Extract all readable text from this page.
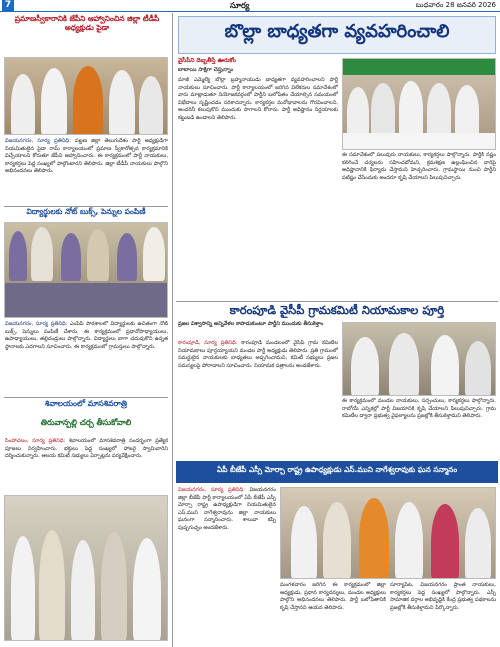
7	సూర్య	బుధవారం 28 జనవరి 2026
ప్రమాణస్వీకారానికి జేపీని ఆహ్వానించిన జిల్లా టీడీపీ అధ్యక్షుడు పైడా
విజయనగరం, సూర్య ప్రతినిధి: పట్టణ జిల్లా తెలుగుదేశం పార్టీ అధ్యక్షుడిగా నియమితులైన పైడా రామ్ కార్యాలయంలో ప్రమాణ స్వీకారోత్సవ కార్యక్రమానికి విచ్చేయాలని కోరుతూ జేపీని ఆహ్వానించారు. ఈ కార్యక్రమంలో పార్టీ నాయకులు, కార్యకర్తలు పెద్ద సంఖ్యలో పాల్గొంటారని తెలిపారు. జిల్లా టీడీపీ నాయకులు పాల్గొని అభినందనలు తెలిపారు.
విద్యార్థులకు నోట్ బుక్స్, పెన్నుల పంపిణీ
విజయనగరం, సూర్య ప్రతినిధి: ఎంపీపీ పాఠశాలలో విద్యార్థులకు ఉచితంగా నోట్ బుక్స్, పెన్నులు పంపిణీ చేశారు. ఈ కార్యక్రమంలో ప్రధానోపాధ్యాయులు, ఉపాధ్యాయులు, తల్లిదండ్రులు పాల్గొన్నారు. విద్యార్థులు బాగా చదువుకొని ఉన్నత స్థానాలకు ఎదగాలని సూచించారు. ఈ కార్యక్రమంలో గ్రామస్తులు పాల్గొన్నారు.
శివాలయంలో మాసశివరాత్రి
తిరువాన్పల్లి చర్చ తీసుకోవాలి
సింహాచలం, సూర్య ప్రతినిధి: శివాలయంలో మాసశివరాత్రి సందర్భంగా ప్రత్యేక పూజలు నిర్వహించారు. భక్తులు పెద్ద సంఖ్యలో హాజరై స్వామివారిని దర్శించుకున్నారు. ఆలయ కమిటీ సభ్యులు ఏర్పాట్లను పర్యవేక్షించారు.
బొల్లా బాధ్యతగా వ్యవహరించాలి
వైసీపీని దెబ్బతీస్తే ఊరుకోం
బాబాయి సాక్షిగా చెప్తున్నాం
మాజీ ఎమ్మెల్యే బొల్లా బ్రహ్మనాయుడు బాధ్యతగా వ్యవహరించాలని పార్టీ నాయకులు సూచించారు. పార్టీ కార్యాలయంలో జరిగిన విలేకరుల సమావేశంలో వారు మాట్లాడుతూ నియోజకవర్గంలో పార్టీని బలోపేతం చేయాల్సిన సమయంలో విభేదాలు సృష్టించడం సరికాదన్నారు. కార్యకర్తల మనోభావాలను గౌరవించాలని, అందరినీ కలుపుకొని ముందుకు సాగాలని కోరారు. పార్టీ అధిష్టానం నిర్ణయాలకు కట్టుబడి ఉండాలని తెలిపారు.
ఈ సమావేశంలో పలువురు నాయకులు, కార్యకర్తలు పాల్గొన్నారు. పార్టీకి నష్టం కలిగించే చర్యలను సహించబోమని, క్రమశిక్షణ ఉల్లంఘించిన వారిపై అధిష్టానానికి ఫిర్యాదు చేస్తామని హెచ్చరించారు. గ్రామస్థాయి నుంచి పార్టీని పటిష్టం చేసేందుకు అందరూ కృషి చేయాలని పిలుపునిచ్చారు.
కారంపూడి వైసీపీ గ్రామకమిటీ నియామకాల పూర్తి
ప్రజల విశ్వాసాన్ని అన్నివేళల కాపాడుకుంటూ పార్టీని ముందుకు తీసుకెళ్తాం
కారంపూడి, సూర్య ప్రతినిధి: కారంపూడి మండలంలో వైసీపీ గ్రామ కమిటీల నియామకాలు పూర్తయ్యాయని మండల పార్టీ అధ్యక్షుడు తెలిపారు. ప్రతి గ్రామంలో సమర్థులైన నాయకులకు బాధ్యతలు అప్పగించామని, కమిటీ సభ్యులు ప్రజల సమస్యలపై పోరాడాలని సూచించారు. నియామక పత్రాలను అందజేశారు.
ఈ కార్యక్రమంలో మండల నాయకులు, సర్పంచులు, కార్యకర్తలు పాల్గొన్నారు. రాబోయే ఎన్నికల్లో పార్టీ విజయానికి కృషి చేయాలని పిలుపునిచ్చారు. గ్రామ కమిటీల ద్వారా ప్రభుత్వ వైఫల్యాలను ప్రజల్లోకి తీసుకెళ్తామని తెలిపారు.
ఏపీ బీజేపీ ఎస్సీ మోర్చా రాష్ట్ర ఉపాధ్యక్షుడు ఎస్.ముని నాగేశ్వరావుకు ఘన సన్మానం
విజయనగరం, సూర్య ప్రతినిధి: విజయనగరం జిల్లా బీజేపీ పార్టీ కార్యాలయంలో ఏపీ బీజేపీ ఎస్సీ మోర్చా రాష్ట్ర ఉపాధ్యక్షుడిగా నియమితులైన ఎస్.ముని నాగేశ్వరావును జిల్లా నాయకులు ఘనంగా సన్మానించారు. శాలువా కప్పి పుష్పగుచ్ఛం అందజేశారు.
మంగళవారం జరిగిన ఈ కార్యక్రమంలో జిల్లా అధ్యక్షుడు, ప్రధాన కార్యదర్శులు, మండల అధ్యక్షులు పాల్గొని అభినందనలు తెలిపారు. పార్టీ బలోపేతానికి కృషి చేస్తానని ఆయన తెలిపారు.
సూర్యాపేట, విజయనగరం ప్రాంత నాయకులు, కార్యకర్తలు పెద్ద సంఖ్యలో పాల్గొన్నారు. ఎస్సీ సామాజిక వర్గాల అభివృద్ధికి కేంద్ర ప్రభుత్వ పథకాలను ప్రజల్లోకి తీసుకెళ్తామని పేర్కొన్నారు.
